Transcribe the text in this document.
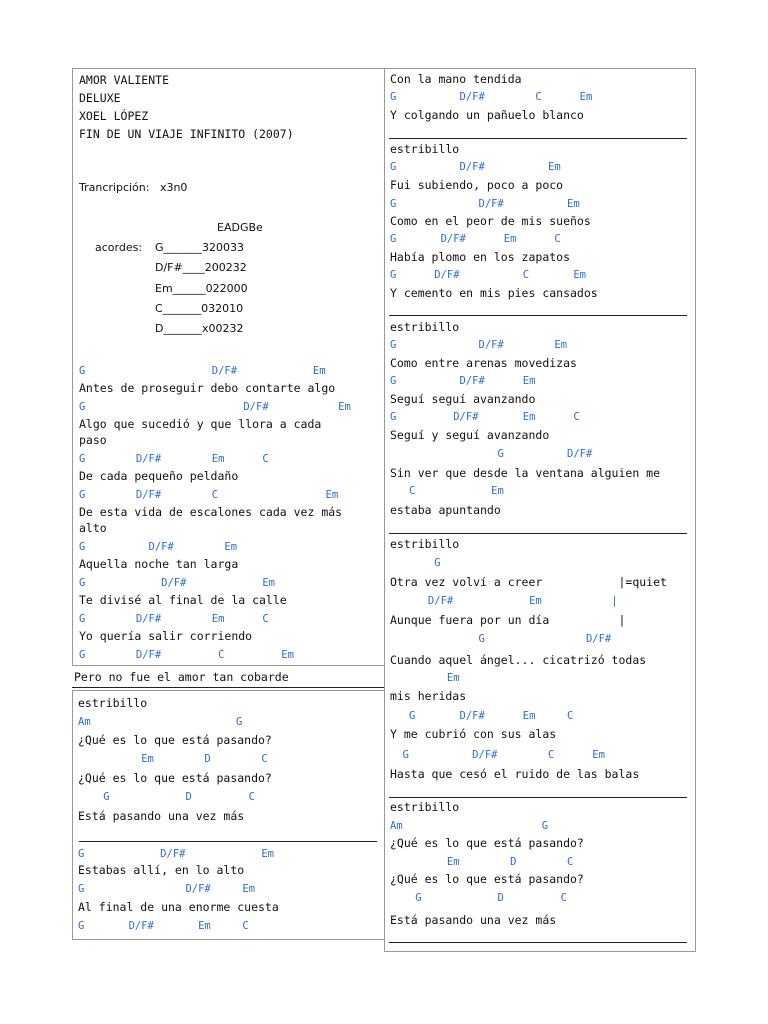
AMOR VALIENTE
DELUXE
XOEL LÓPEZ
FIN DE UN VIAJE INFINITO (2007)
Trancripción:   x3n0
EADGBe
acordes: G_______320033
D/F#____200232
Em______022000
C_______032010
D_______x00232
G                    D/F#            Em
Antes de proseguir debo contarte algo
G                         D/F#           Em
Algo que sucedió y que llora a cada
paso
G        D/F#        Em      C
De cada pequeño peldaño
G        D/F#        C                 Em
De esta vida de escalones cada vez más
alto
G          D/F#        Em
Aquella noche tan larga
G            D/F#            Em
Te divisé al final de la calle
G        D/F#        Em      C
Yo quería salir corriendo
G        D/F#         C         Em
Pero no fue el amor tan cobarde
estribillo
Am                       G
¿Qué es lo que está pasando?
Em        D        C
¿Qué es lo que está pasando?
G            D         C
Está pasando una vez más
G            D/F#            Em
Estabas allí, en lo alto
G                D/F#     Em
Al final de una enorme cuesta
G       D/F#       Em     C
Con la mano tendida
G          D/F#        C      Em
Y colgando un pañuelo blanco
estribillo
G          D/F#          Em
Fui subiendo, poco a poco
G             D/F#          Em
Como en el peor de mis sueños
G       D/F#      Em      C
Había plomo en los zapatos
G      D/F#          C       Em
Y cemento en mis pies cansados
estribillo
G             D/F#        Em
Como entre arenas movedizas
G          D/F#      Em
Seguí seguí avanzando
G         D/F#       Em      C
Seguí y seguí avanzando
G          D/F#
Sin ver que desde la ventana alguien me
C            Em
estaba apuntando
estribillo
G
Otra vez volví a creer           |=quiet
D/F#            Em           |
Aunque fuera por un día          |
G                D/F#
Cuando aquel ángel... cicatrizó todas
Em
mis heridas
G       D/F#      Em     C
Y me cubrió con sus alas
G          D/F#        C      Em
Hasta que cesó el ruido de las balas
estribillo
Am                      G
¿Qué es lo que está pasando?
Em        D        C
¿Qué es lo que está pasando?
G            D         C
Está pasando una vez más
